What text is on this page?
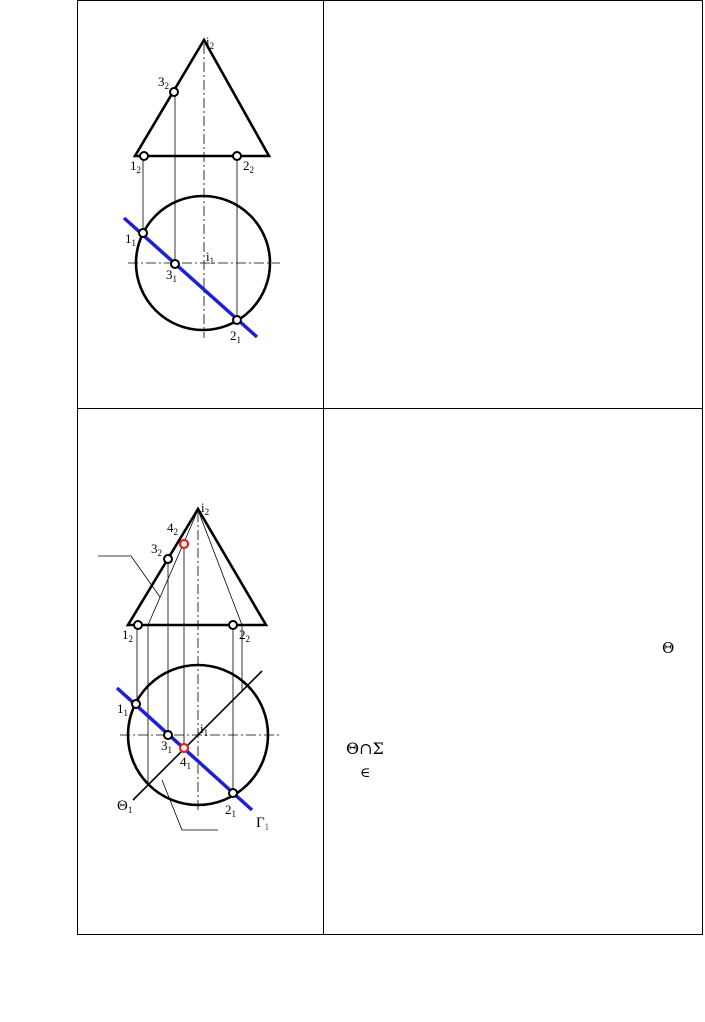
Θ
Θ∩Σ
∈
$i_2$
$3_2$
$1_2$	$2_2$
$1_1$
$3_1$
$i_1$
$2_1$
$i_2$
$4_2$
$3_2$
$1_2$	$2_2$
$1_1$
$3_1$
$i_1$
$4_1$
$\Theta_1$	$2_1$
$\Gamma_1$
